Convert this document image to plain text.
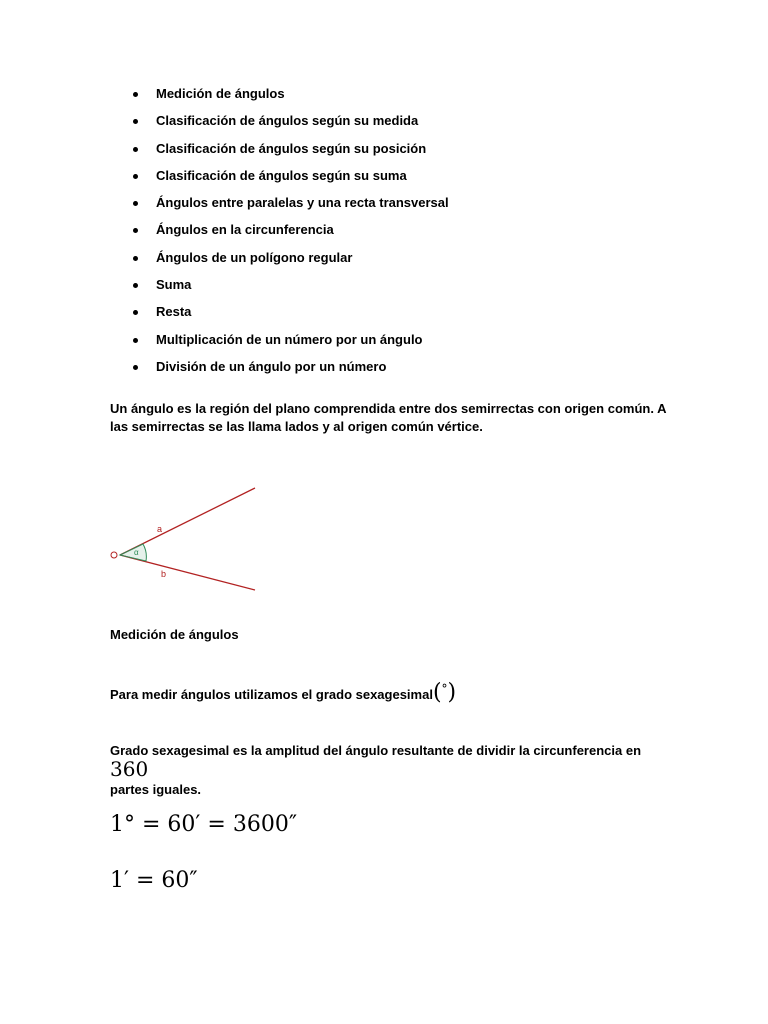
Medición de ángulos
Clasificación de ángulos según su medida
Clasificación de ángulos según su posición
Clasificación de ángulos según su suma
Ángulos entre paralelas y una recta transversal
Ángulos en la circunferencia
Ángulos de un polígono regular
Suma
Resta
Multiplicación de un número por un ángulo
División de un ángulo por un número

Un ángulo es la región del plano comprendida entre dos semirrectas con origen común. A las semirrectas se las llama lados y al origen común vértice.

a
b
α
Medición de ángulos
Para medir ángulos utilizamos el grado sexagesimal(°)
Grado sexagesimal es la amplitud del ángulo resultante de dividir la circunferencia en 360
partes iguales.
1° = 60′ = 3600″
1′ = 60″
